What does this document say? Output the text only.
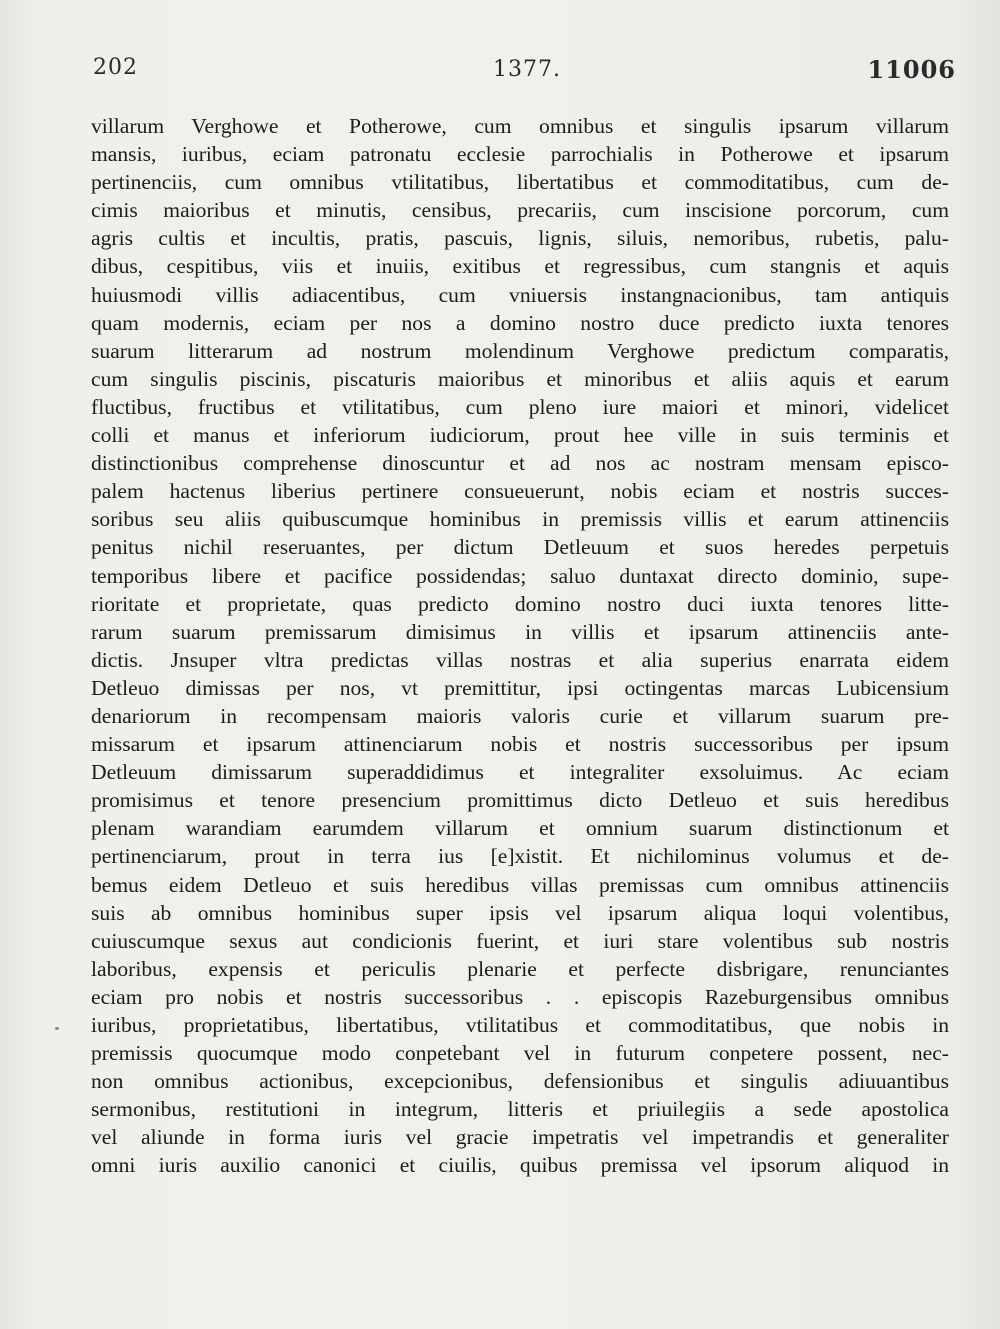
202	1377.	11006
villarum Verghowe et Potherowe, cum omnibus et singulis ipsarum villarum
mansis, iuribus, eciam patronatu ecclesie parrochialis in Potherowe et ipsarum
pertinenciis, cum omnibus vtilitatibus, libertatibus et commoditatibus, cum de-
cimis maioribus et minutis, censibus, precariis, cum inscisione porcorum, cum
agris cultis et incultis, pratis, pascuis, lignis, siluis, nemoribus, rubetis, palu-
dibus, cespitibus, viis et inuiis, exitibus et regressibus, cum stangnis et aquis
huiusmodi villis adiacentibus, cum vniuersis instangnacionibus, tam antiquis
quam modernis, eciam per nos a domino nostro duce predicto iuxta tenores
suarum litterarum ad nostrum molendinum Verghowe predictum comparatis,
cum singulis piscinis, piscaturis maioribus et minoribus et aliis aquis et earum
fluctibus, fructibus et vtilitatibus, cum pleno iure maiori et minori, videlicet
colli et manus et inferiorum iudiciorum, prout hee ville in suis terminis et
distinctionibus comprehense dinoscuntur et ad nos ac nostram mensam episco-
palem hactenus liberius pertinere consueuerunt, nobis eciam et nostris succes-
soribus seu aliis quibuscumque hominibus in premissis villis et earum attinenciis
penitus nichil reseruantes, per dictum Detleuum et suos heredes perpetuis
temporibus libere et pacifice possidendas; saluo duntaxat directo dominio, supe-
rioritate et proprietate, quas predicto domino nostro duci iuxta tenores litte-
rarum suarum premissarum dimisimus in villis et ipsarum attinenciis ante-
dictis. Jnsuper vltra predictas villas nostras et alia superius enarrata eidem
Detleuo dimissas per nos, vt premittitur, ipsi octingentas marcas Lubicensium
denariorum in recompensam maioris valoris curie et villarum suarum pre-
missarum et ipsarum attinenciarum nobis et nostris successoribus per ipsum
Detleuum dimissarum superaddidimus et integraliter exsoluimus. Ac eciam
promisimus et tenore presencium promittimus dicto Detleuo et suis heredibus
plenam warandiam earumdem villarum et omnium suarum distinctionum et
pertinenciarum, prout in terra ius [e]xistit. Et nichilominus volumus et de-
bemus eidem Detleuo et suis heredibus villas premissas cum omnibus attinenciis
suis ab omnibus hominibus super ipsis vel ipsarum aliqua loqui volentibus,
cuiuscumque sexus aut condicionis fuerint, et iuri stare volentibus sub nostris
laboribus, expensis et periculis plenarie et perfecte disbrigare, renunciantes
eciam pro nobis et nostris successoribus . . episcopis Razeburgensibus omnibus
iuribus, proprietatibus, libertatibus, vtilitatibus et commoditatibus, que nobis in
premissis quocumque modo conpetebant vel in futurum conpetere possent, nec-
non omnibus actionibus, excepcionibus, defensionibus et singulis adiuuantibus
sermonibus, restitutioni in integrum, litteris et priuilegiis a sede apostolica
vel aliunde in forma iuris vel gracie impetratis vel impetrandis et generaliter
omni iuris auxilio canonici et ciuilis, quibus premissa vel ipsorum aliquod in
